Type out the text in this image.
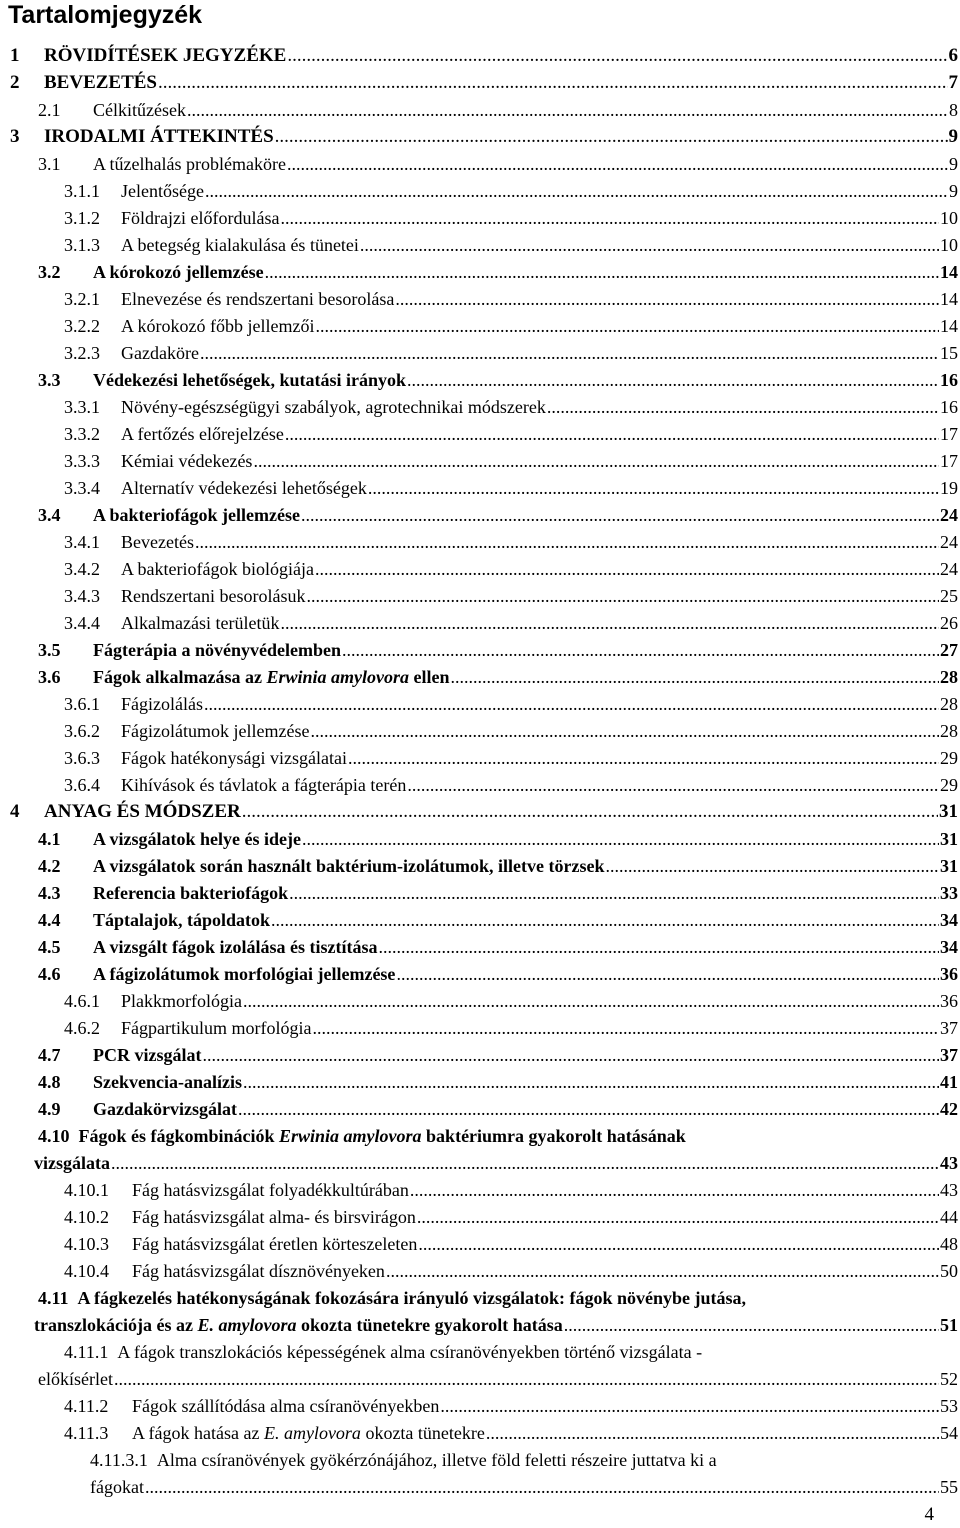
Tartalomjegyzék
1 RÖVIDÍTÉSEK JEGYZÉKE .....	6
2 BEVEZETÉS .....	7
2.1 Célkitűzések .....	8
3 IRODALMI ÁTTEKINTÉS .....	9
3.1 A tűzelhalás problémaköre .....	9
3.1.1 Jelentősége .....	9
3.1.2 Földrajzi előfordulása .....	10
3.1.3 A betegség kialakulása és tünetei .....	10
3.2 A kórokozó jellemzése .....	14
3.2.1 Elnevezése és rendszertani besorolása .....	14
3.2.2 A kórokozó főbb jellemzői .....	14
3.2.3 Gazdaköre .....	15
3.3 Védekezési lehetőségek, kutatási irányok .....	16
3.3.1 Növény-egészségügyi szabályok, agrotechnikai módszerek .....	16
3.3.2 A fertőzés előrejelzése .....	17
3.3.3 Kémiai védekezés .....	17
3.3.4 Alternatív védekezési lehetőségek .....	19
3.4 A bakteriofágok jellemzése .....	24
3.4.1 Bevezetés .....	24
3.4.2 A bakteriofágok biológiája .....	24
3.4.3 Rendszertani besorolásuk .....	25
3.4.4 Alkalmazási területük .....	26
3.5 Fágterápia a növényvédelemben .....	27
3.6 Fágok alkalmazása az Erwinia amylovora ellen .....	28
3.6.1 Fágizolálás .....	28
3.6.2 Fágizolátumok jellemzése .....	28
3.6.3 Fágok hatékonysági vizsgálatai .....	29
3.6.4 Kihívások és távlatok a fágterápia terén .....	29
4 ANYAG ÉS MÓDSZER .....	31
4.1 A vizsgálatok helye és ideje .....	31
4.2 A vizsgálatok során használt baktérium-izolátumok, illetve törzsek .....	31
4.3 Referencia bakteriofágok .....	33
4.4 Táptalajok, tápoldatok .....	34
4.5 A vizsgált fágok izolálása és tisztítása .....	34
4.6 A fágizolátumok morfológiai jellemzése .....	36
4.6.1 Plakkmorfológia .....	36
4.6.2 Fágpartikulum morfológia .....	37
4.7 PCR vizsgálat .....	37
4.8 Szekvencia-analízis .....	41
4.9 Gazdakörvizsgálat .....	42
4.10  Fágok és fágkombinációk Erwinia amylovora baktériumra gyakorolt hatásának
vizsgálata .....	43
4.10.1 Fág hatásvizsgálat folyadékkultúrában .....	43
4.10.2 Fág hatásvizsgálat alma- és birsvirágon .....	44
4.10.3 Fág hatásvizsgálat éretlen körteszeleten .....	48
4.10.4 Fág hatásvizsgálat dísznövényeken .....	50
4.11  A fágkezelés hatékonyságának fokozására irányuló vizsgálatok: fágok növénybe jutása,
transzlokációja és az E. amylovora okozta tünetekre gyakorolt hatása .....	51
4.11.1  A fágok transzlokációs képességének alma csíranövényekben történő vizsgálata -
előkísérlet .....	52
4.11.2 Fágok szállítódása alma csíranövényekben .....	53
4.11.3 A fágok hatása az E. amylovora okozta tünetekre .....	54
4.11.3.1  Alma csíranövények gyökérzónájához, illetve föld feletti részeire juttatva ki a
fágokat .....	55
4
